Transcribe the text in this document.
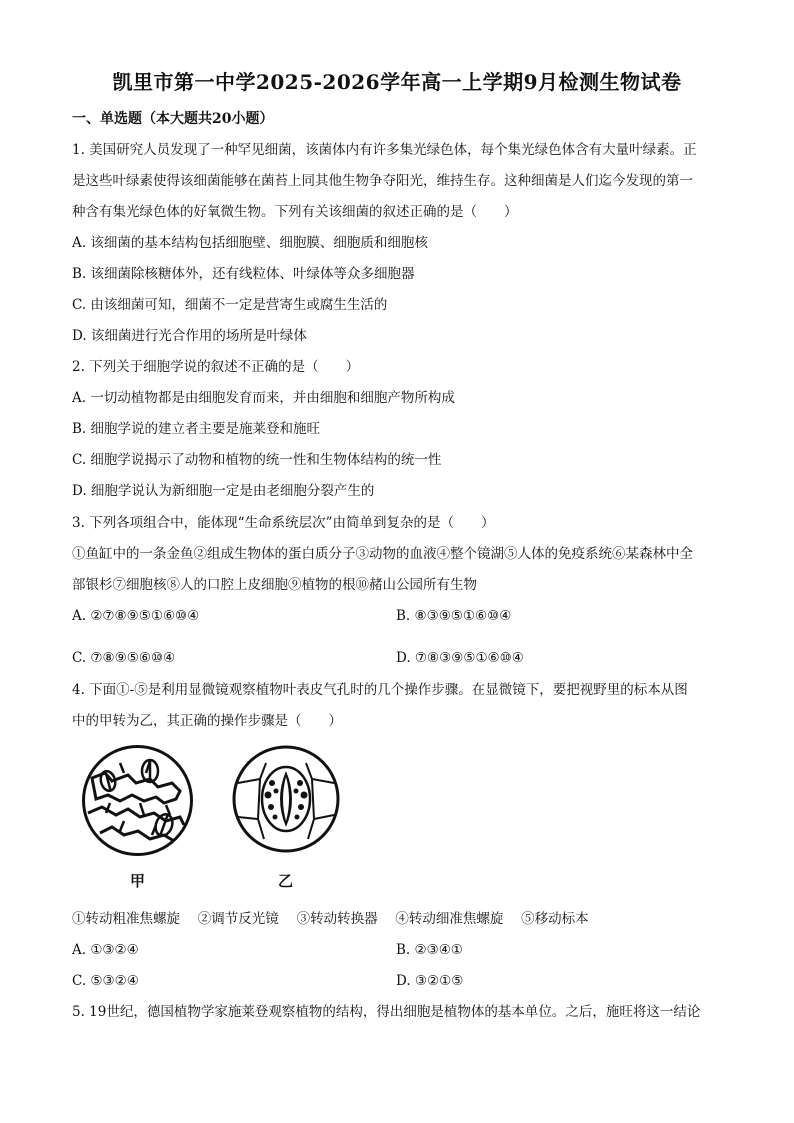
凯里市第一中学2025-2026学年高一上学期9月检测生物试卷
一、单选题（本大题共20小题）
1. 美国研究人员发现了一种罕见细菌，该菌体内有许多集光绿色体，每个集光绿色体含有大量叶绿素。正
是这些叶绿素使得该细菌能够在菌苔上同其他生物争夺阳光，维持生存。这种细菌是人们迄今发现的第一
种含有集光绿色体的好氧微生物。下列有关该细菌的叙述正确的是（　　）
A. 该细菌的基本结构包括细胞壁、细胞膜、细胞质和细胞核
B. 该细菌除核糖体外，还有线粒体、叶绿体等众多细胞器
C. 由该细菌可知，细菌不一定是营寄生或腐生生活的
D. 该细菌进行光合作用的场所是叶绿体
2. 下列关于细胞学说的叙述不正确的是（　　）
A. 一切动植物都是由细胞发育而来，并由细胞和细胞产物所构成
B. 细胞学说的建立者主要是施莱登和施旺
C. 细胞学说揭示了动物和植物的统一性和生物体结构的统一性
D. 细胞学说认为新细胞一定是由老细胞分裂产生的
3. 下列各项组合中，能体现“生命系统层次”由简单到复杂的是（　　）
①鱼缸中的一条金鱼②组成生物体的蛋白质分子③动物的血液④整个镜湖⑤人体的免疫系统⑥某森林中全
部银杉⑦细胞核⑧人的口腔上皮细胞⑨植物的根⑩赭山公园所有生物
A. ②⑦⑧⑨⑤①⑥⑩④	B. ⑧③⑨⑤①⑥⑩④
C. ⑦⑧⑨⑤⑥⑩④	D. ⑦⑧③⑨⑤①⑥⑩④
4. 下面①-⑤是利用显微镜观察植物叶表皮气孔时的几个操作步骤。在显微镜下，要把视野里的标本从图
中的甲转为乙，其正确的操作步骤是（　　）
甲	乙
①转动粗准焦螺旋　 ②调节反光镜　 ③转动转换器　 ④转动细准焦螺旋　 ⑤移动标本
A. ①③②④	B. ②③④①
C. ⑤③②④	D. ③②①⑤
5. 19世纪，德国植物学家施莱登观察植物的结构，得出细胞是植物体的基本单位。之后，施旺将这一结论
